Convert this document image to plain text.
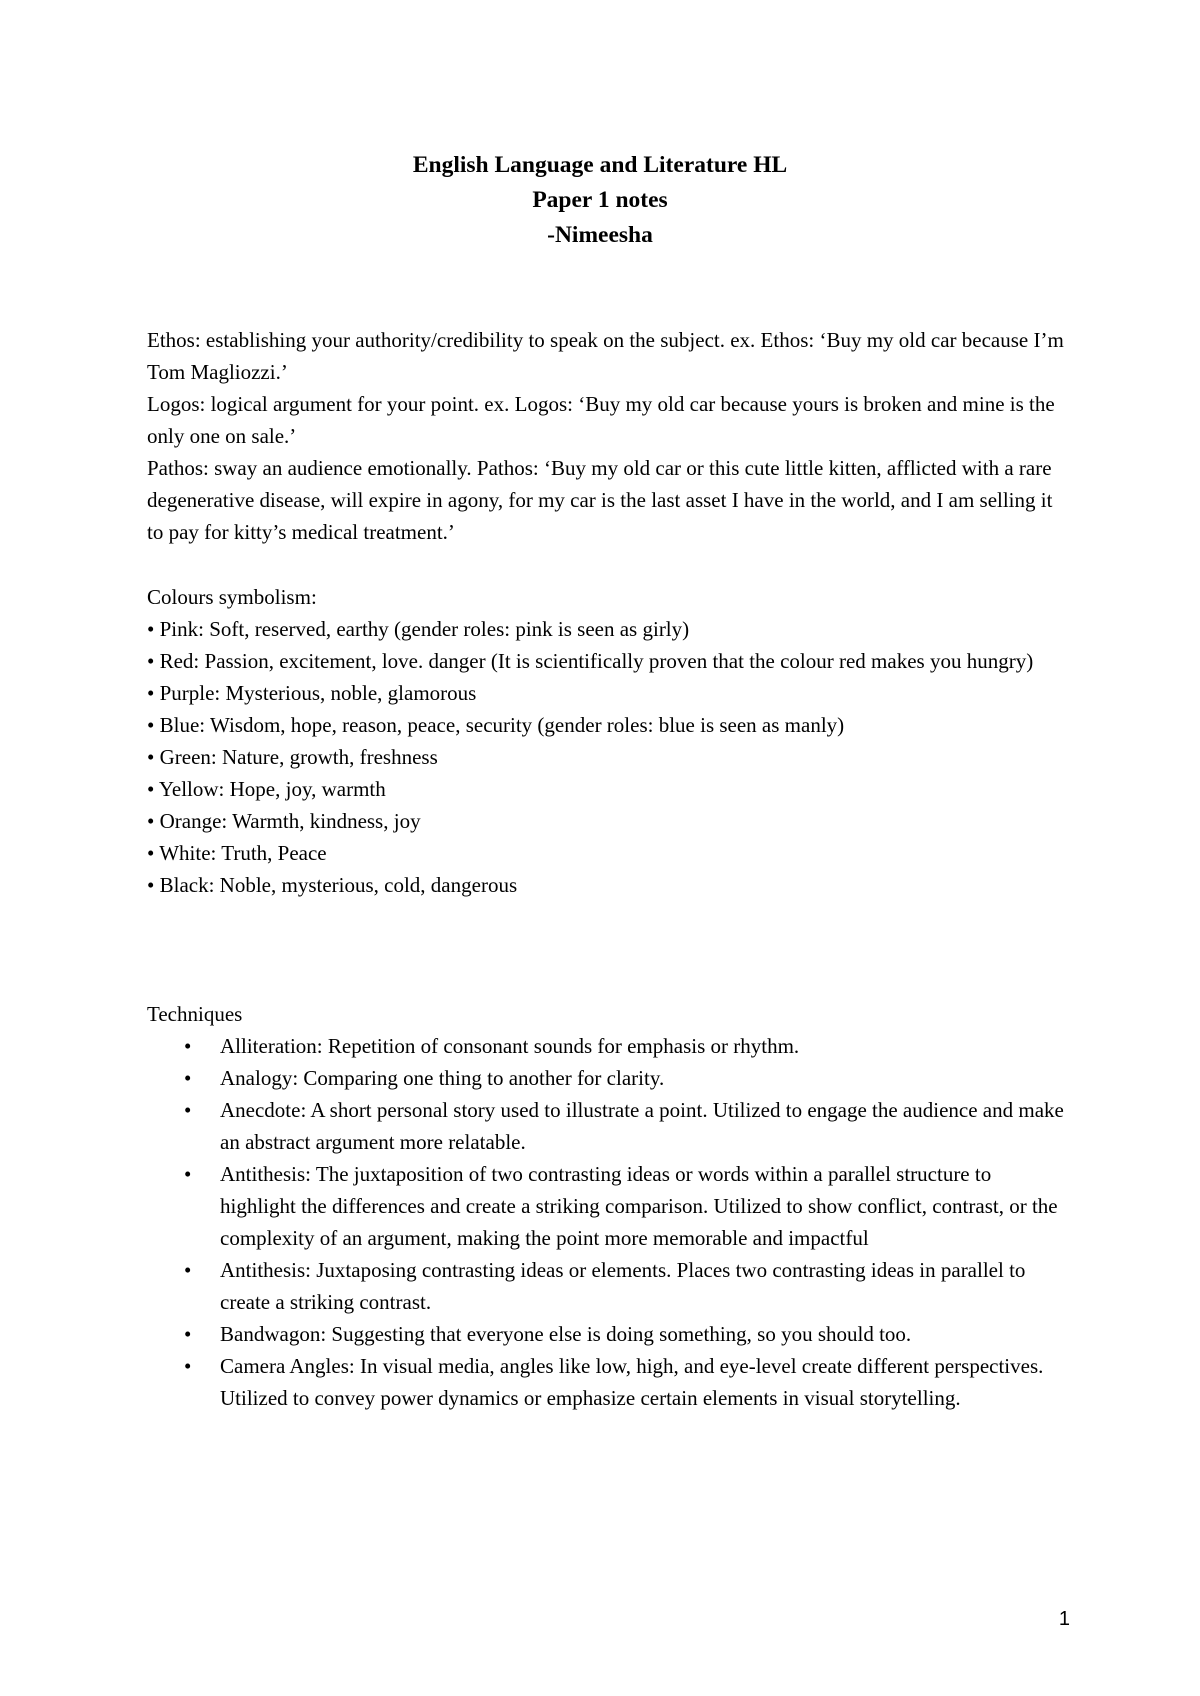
English Language and Literature HL
Paper 1 notes
-Nimeesha

Ethos: establishing your authority/credibility to speak on the subject. ex. Ethos: ‘Buy my old car because I’m Tom Magliozzi.’

Logos: logical argument for your point. ex. Logos: ‘Buy my old car because yours is broken and mine is the only one on sale.’

Pathos: sway an audience emotionally. Pathos: ‘Buy my old car or this cute little kitten, afflicted with a rare degenerative disease, will expire in agony, for my car is the last asset I have in the world, and I am selling it to pay for kitty’s medical treatment.’

Colours symbolism:

• Pink: Soft, reserved, earthy (gender roles: pink is seen as girly)

• Red: Passion, excitement, love. danger (It is scientifically proven that the colour red makes you hungry)

• Purple: Mysterious, noble, glamorous

• Blue: Wisdom, hope, reason, peace, security (gender roles: blue is seen as manly)

• Green: Nature, growth, freshness

• Yellow: Hope, joy, warmth

• Orange: Warmth, kindness, joy

• White: Truth, Peace

• Black: Noble, mysterious, cold, dangerous

Techniques

• Alliteration: Repetition of consonant sounds for emphasis or rhythm.
• Analogy: Comparing one thing to another for clarity.
• Anecdote: A short personal story used to illustrate a point. Utilized to engage the audience and make an abstract argument more relatable.
• Antithesis: The juxtaposition of two contrasting ideas or words within a parallel structure to highlight the differences and create a striking comparison. Utilized to show conflict, contrast, or the complexity of an argument, making the point more memorable and impactful
• Antithesis: Juxtaposing contrasting ideas or elements. Places two contrasting ideas in parallel to create a striking contrast.
• Bandwagon: Suggesting that everyone else is doing something, so you should too.
• Camera Angles: In visual media, angles like low, high, and eye-level create different perspectives. Utilized to convey power dynamics or emphasize certain elements in visual storytelling.
1
